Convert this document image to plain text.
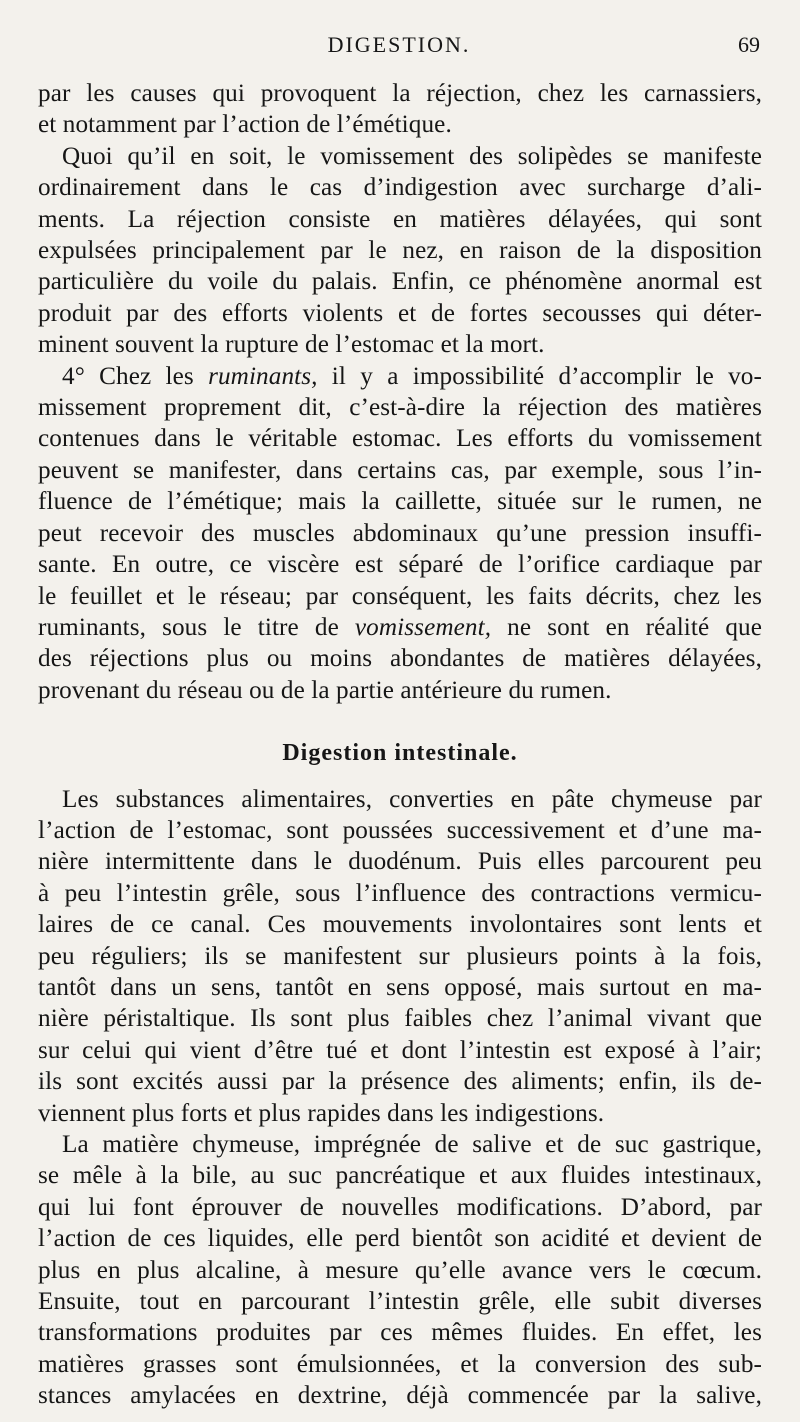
DIGESTION.	69
par les causes qui provoquent la réjection, chez les carnassiers,
et notamment par l’action de l’émétique.
Quoi qu’il en soit, le vomissement des solipèdes se manifeste
ordinairement dans le cas d’indigestion avec surcharge d’ali-
ments. La réjection consiste en matières délayées, qui sont
expulsées principalement par le nez, en raison de la disposition
particulière du voile du palais. Enfin, ce phénomène anormal est
produit par des efforts violents et de fortes secousses qui déter-
minent souvent la rupture de l’estomac et la mort.
4° Chez les ruminants, il y a impossibilité d’accomplir le vo-
missement proprement dit, c’est-à-dire la réjection des matières
contenues dans le véritable estomac. Les efforts du vomissement
peuvent se manifester, dans certains cas, par exemple, sous l’in-
fluence de l’émétique; mais la caillette, située sur le rumen, ne
peut recevoir des muscles abdominaux qu’une pression insuffi-
sante. En outre, ce viscère est séparé de l’orifice cardiaque par
le feuillet et le réseau; par conséquent, les faits décrits, chez les
ruminants, sous le titre de vomissement, ne sont en réalité que
des réjections plus ou moins abondantes de matières délayées,
provenant du réseau ou de la partie antérieure du rumen.
Digestion intestinale.
Les substances alimentaires, converties en pâte chymeuse par
l’action de l’estomac, sont poussées successivement et d’une ma-
nière intermittente dans le duodénum. Puis elles parcourent peu
à peu l’intestin grêle, sous l’influence des contractions vermicu-
laires de ce canal. Ces mouvements involontaires sont lents et
peu réguliers; ils se manifestent sur plusieurs points à la fois,
tantôt dans un sens, tantôt en sens opposé, mais surtout en ma-
nière péristaltique. Ils sont plus faibles chez l’animal vivant que
sur celui qui vient d’être tué et dont l’intestin est exposé à l’air;
ils sont excités aussi par la présence des aliments; enfin, ils de-
viennent plus forts et plus rapides dans les indigestions.
La matière chymeuse, imprégnée de salive et de suc gastrique,
se mêle à la bile, au suc pancréatique et aux fluides intestinaux,
qui lui font éprouver de nouvelles modifications. D’abord, par
l’action de ces liquides, elle perd bientôt son acidité et devient de
plus en plus alcaline, à mesure qu’elle avance vers le cœcum.
Ensuite, tout en parcourant l’intestin grêle, elle subit diverses
transformations produites par ces mêmes fluides. En effet, les
matières grasses sont émulsionnées, et la conversion des sub-
stances amylacées en dextrine, déjà commencée par la salive,
